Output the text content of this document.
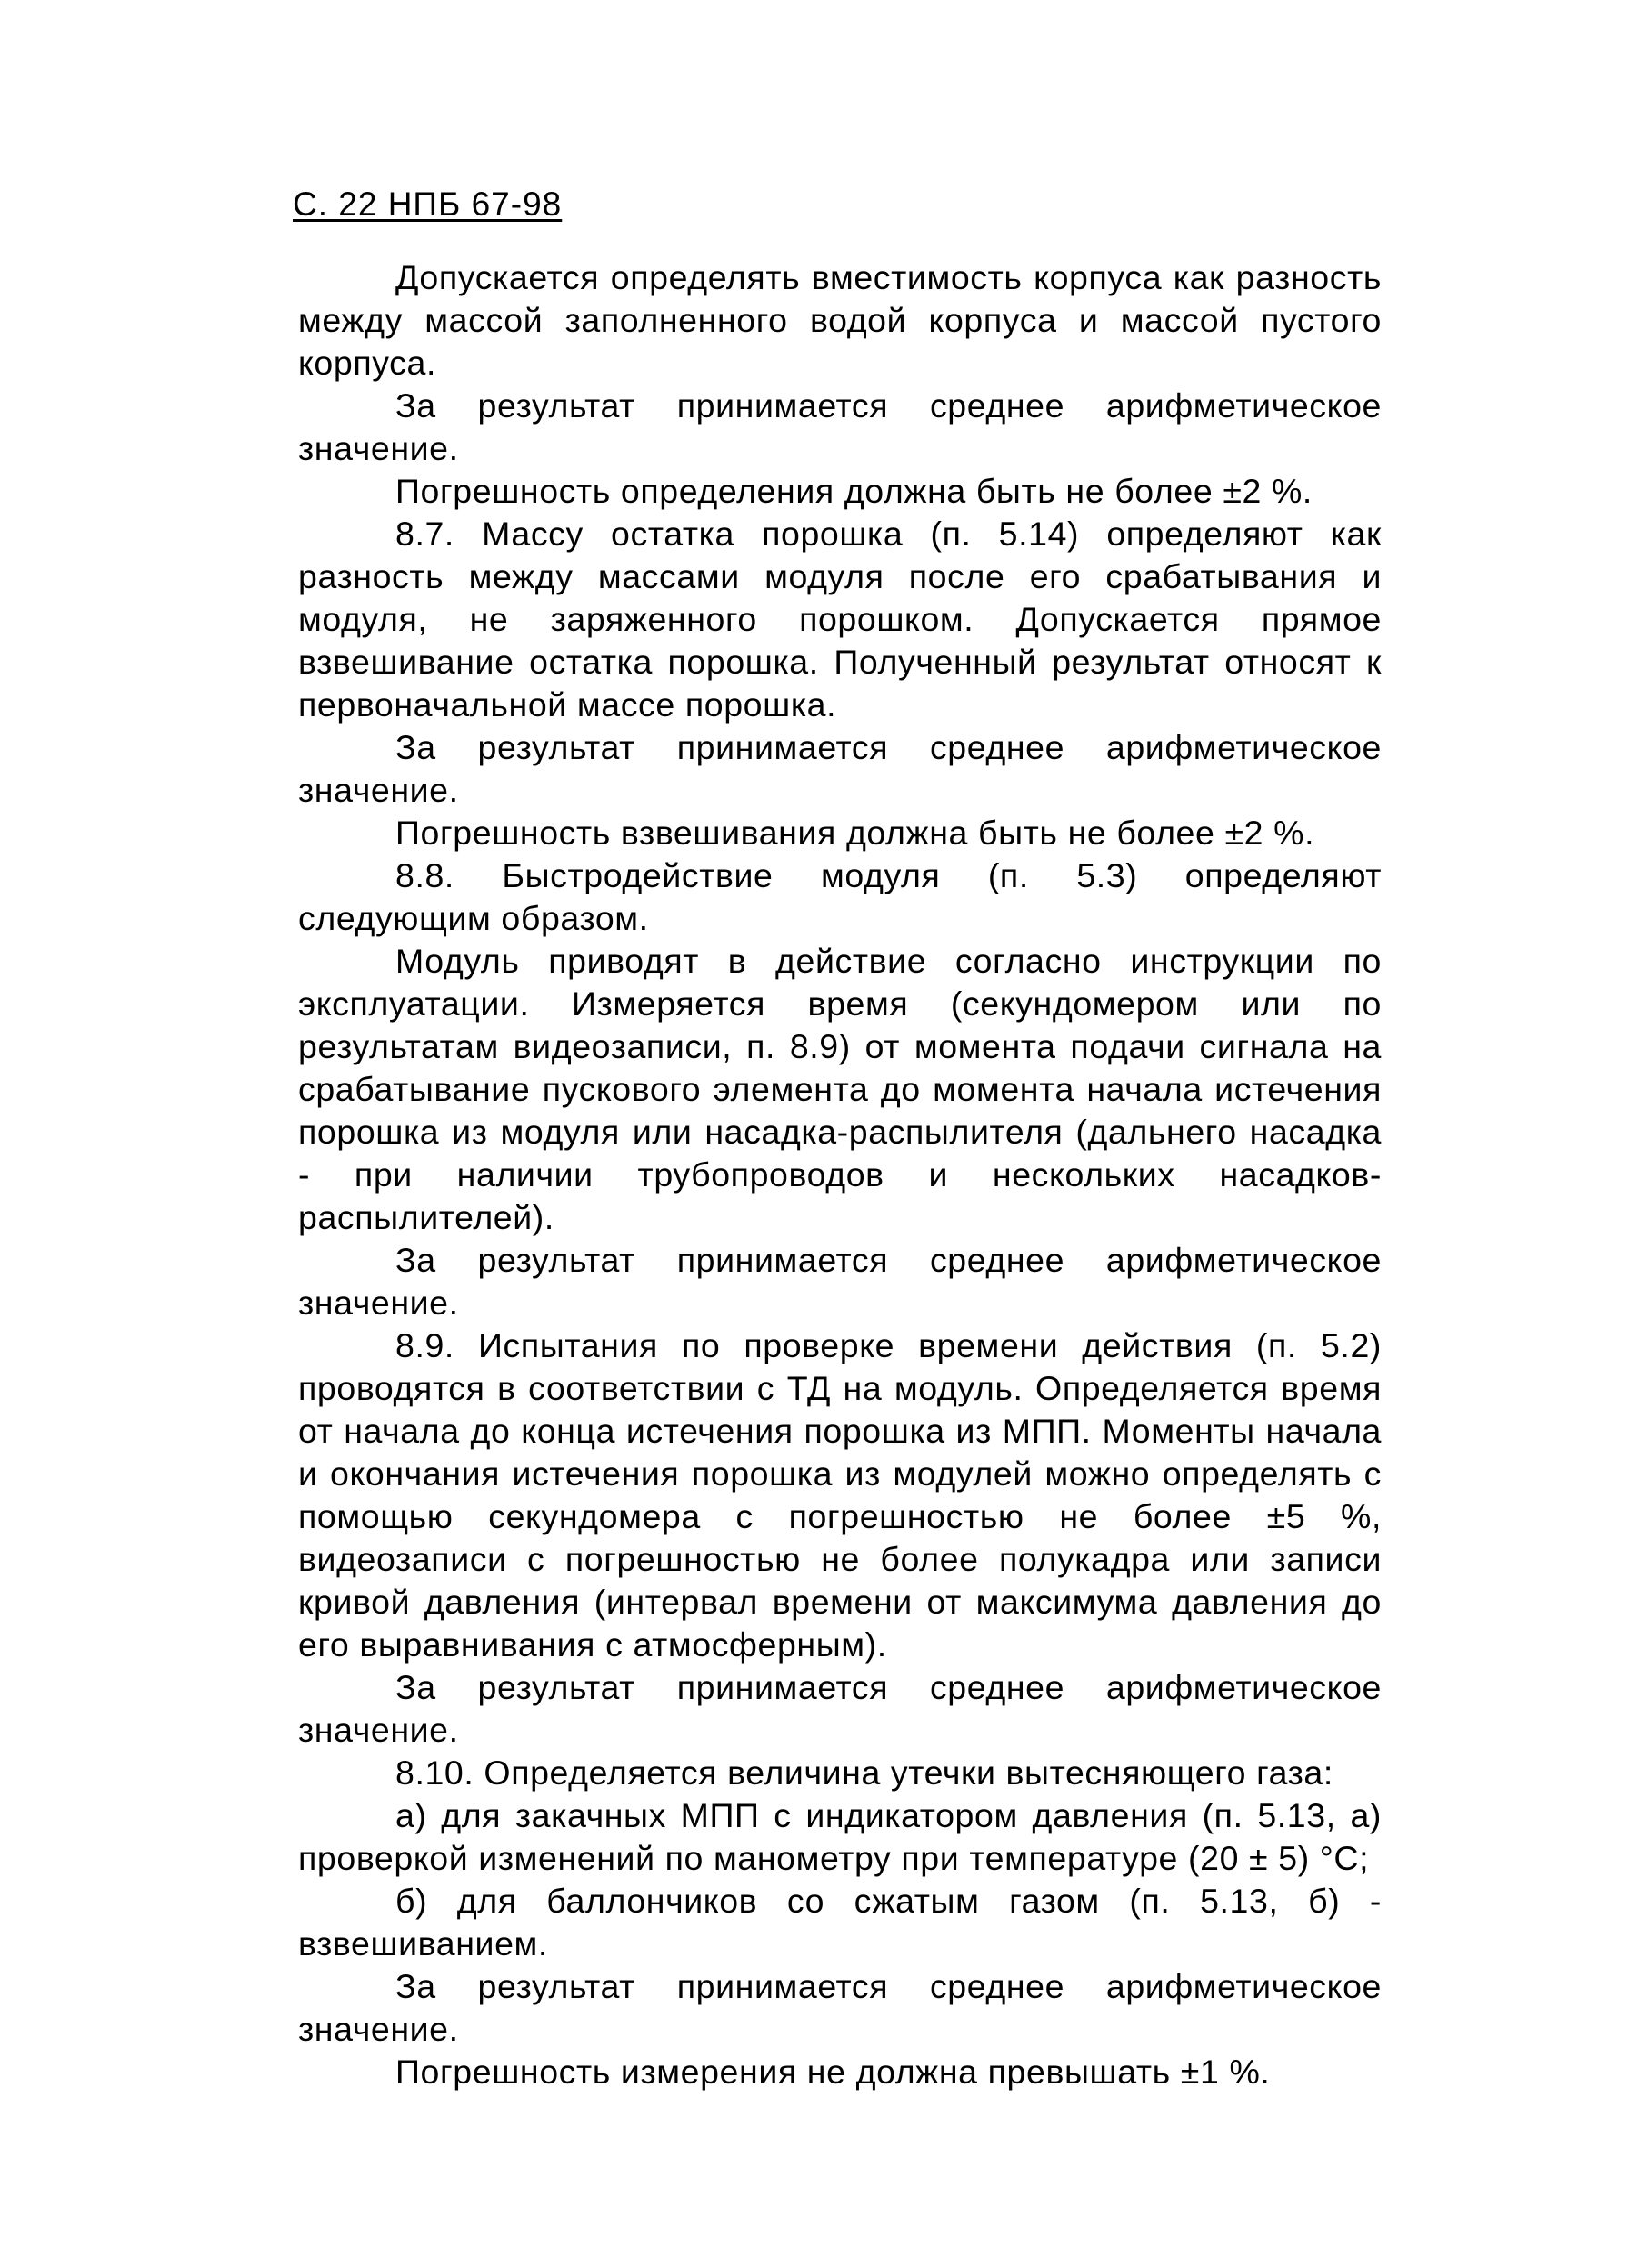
С. 22 НПБ 67-98

Допускается определять вместимость корпуса как разность между массой заполненного водой корпуса и массой пустого корпуса.

За результат принимается среднее арифметическое значение.

Погрешность определения должна быть не более ±2 %.

8.7. Массу остатка порошка (п. 5.14) определяют как разность между массами модуля после его срабатывания и модуля, не заряженного порошком. Допускается прямое взвешивание остатка порошка. Полученный результат относят к первоначальной массе порошка.

За результат принимается среднее арифметическое значение.

Погрешность взвешивания должна быть не более ±2 %.

8.8. Быстродействие модуля (п. 5.3) определяют следующим образом.

Модуль приводят в действие согласно инструкции по эксплуатации. Измеряется время (секундомером или по результатам видеозаписи, п. 8.9) от момента подачи сигнала на срабатывание пускового элемента до момента начала истечения порошка из модуля или насадка-распылителя (дальнего насадка - при наличии трубопроводов и нескольких насадков-распылителей).

За результат принимается среднее арифметическое значение.

8.9. Испытания по проверке времени действия (п. 5.2) проводятся в соответствии с ТД на модуль. Определяется время от начала до конца истечения порошка из МПП. Моменты начала и окончания истечения порошка из модулей можно определять с помощью секундомера с погрешностью не более ±5 %, видеозаписи с погрешностью не более полукадра или записи кривой давления (интервал времени от максимума давления до его выравнивания с атмосферным).

За результат принимается среднее арифметическое значение.

8.10. Определяется величина утечки вытесняющего газа:

а) для закачных МПП с индикатором давления (п. 5.13, а) проверкой изменений по манометру при температуре (20 ± 5) °С;

б) для баллончиков со сжатым газом (п. 5.13, б) - взвешиванием.

За результат принимается среднее арифметическое значение.

Погрешность измерения не должна превышать ±1 %.
